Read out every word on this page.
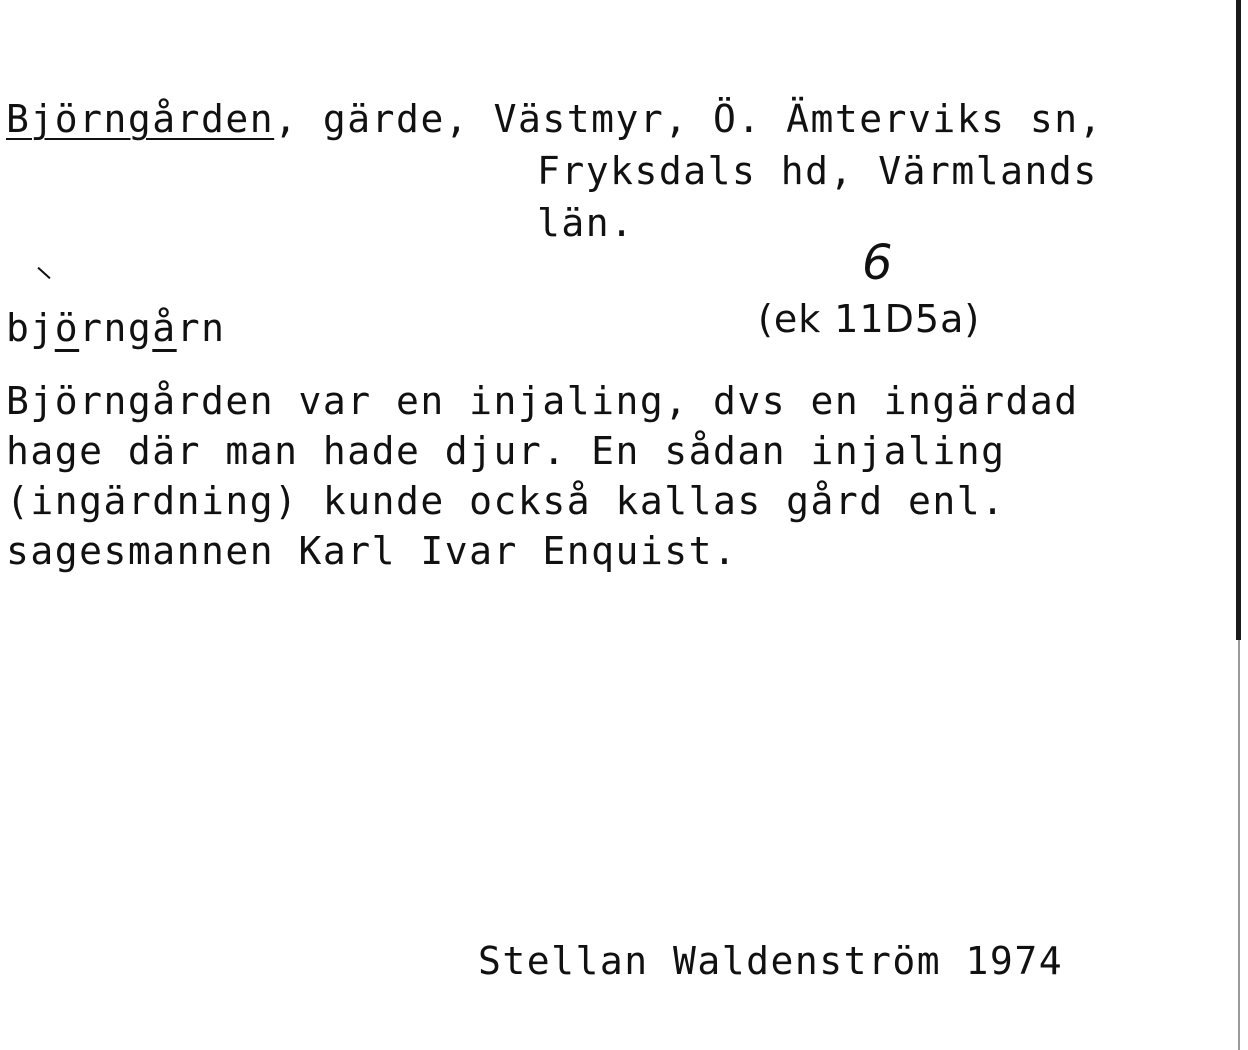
Björngården, gärde, Västmyr, Ö. Ämterviks sn,

Fryksdals hd, Värmlands

län.

6

björngårn	(ek 11D5a)

Björngården var en injaling, dvs en ingärdad

hage där man hade djur. En sådan injaling

(ingärdning) kunde också kallas gård enl.

sagesmannen Karl Ivar Enquist.

Stellan Waldenström 1974
